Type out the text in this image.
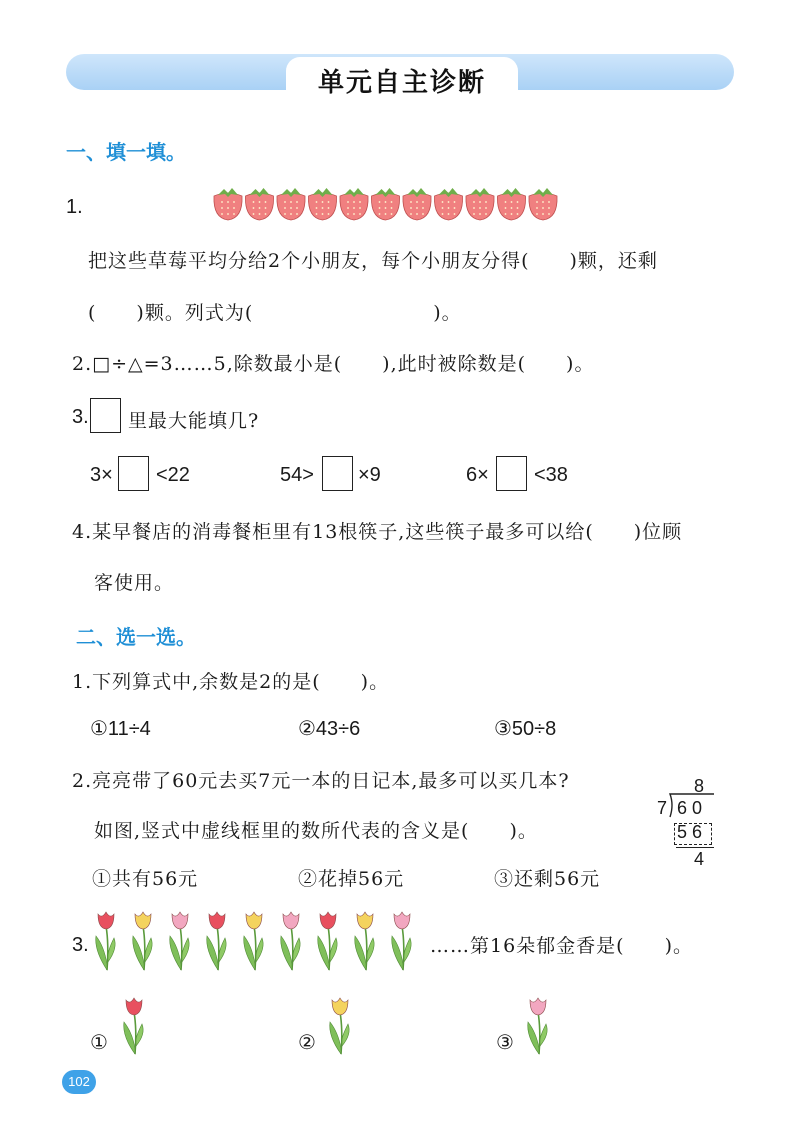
单元自主诊断
一、填一填。
1.
把这些草莓平均分给2个小朋友，每个小朋友分得(　　)颗，还剩
(　　)颗。列式为(　　　　　　　　　)。
2.□÷△=3……5,除数最小是(　　),此时被除数是(　　)。
3. 里最大能填几?
3× <22	54> ×9	6× <38
4.某早餐店的消毒餐柜里有13根筷子,这些筷子最多可以给(　　)位顾
客使用。
二、选一选。
1.下列算式中,余数是2的是(　　)。
①11÷4	②43÷6	③50÷8
2.亮亮带了60元去买7元一本的日记本,最多可以买几本?
如图,竖式中虚线框里的数所代表的含义是(　　)。
①共有56元	②花掉56元	③还剩56元
8
7 6 0
5 6
4
3.	……第16朵郁金香是(　　)。
①	②	③
102
